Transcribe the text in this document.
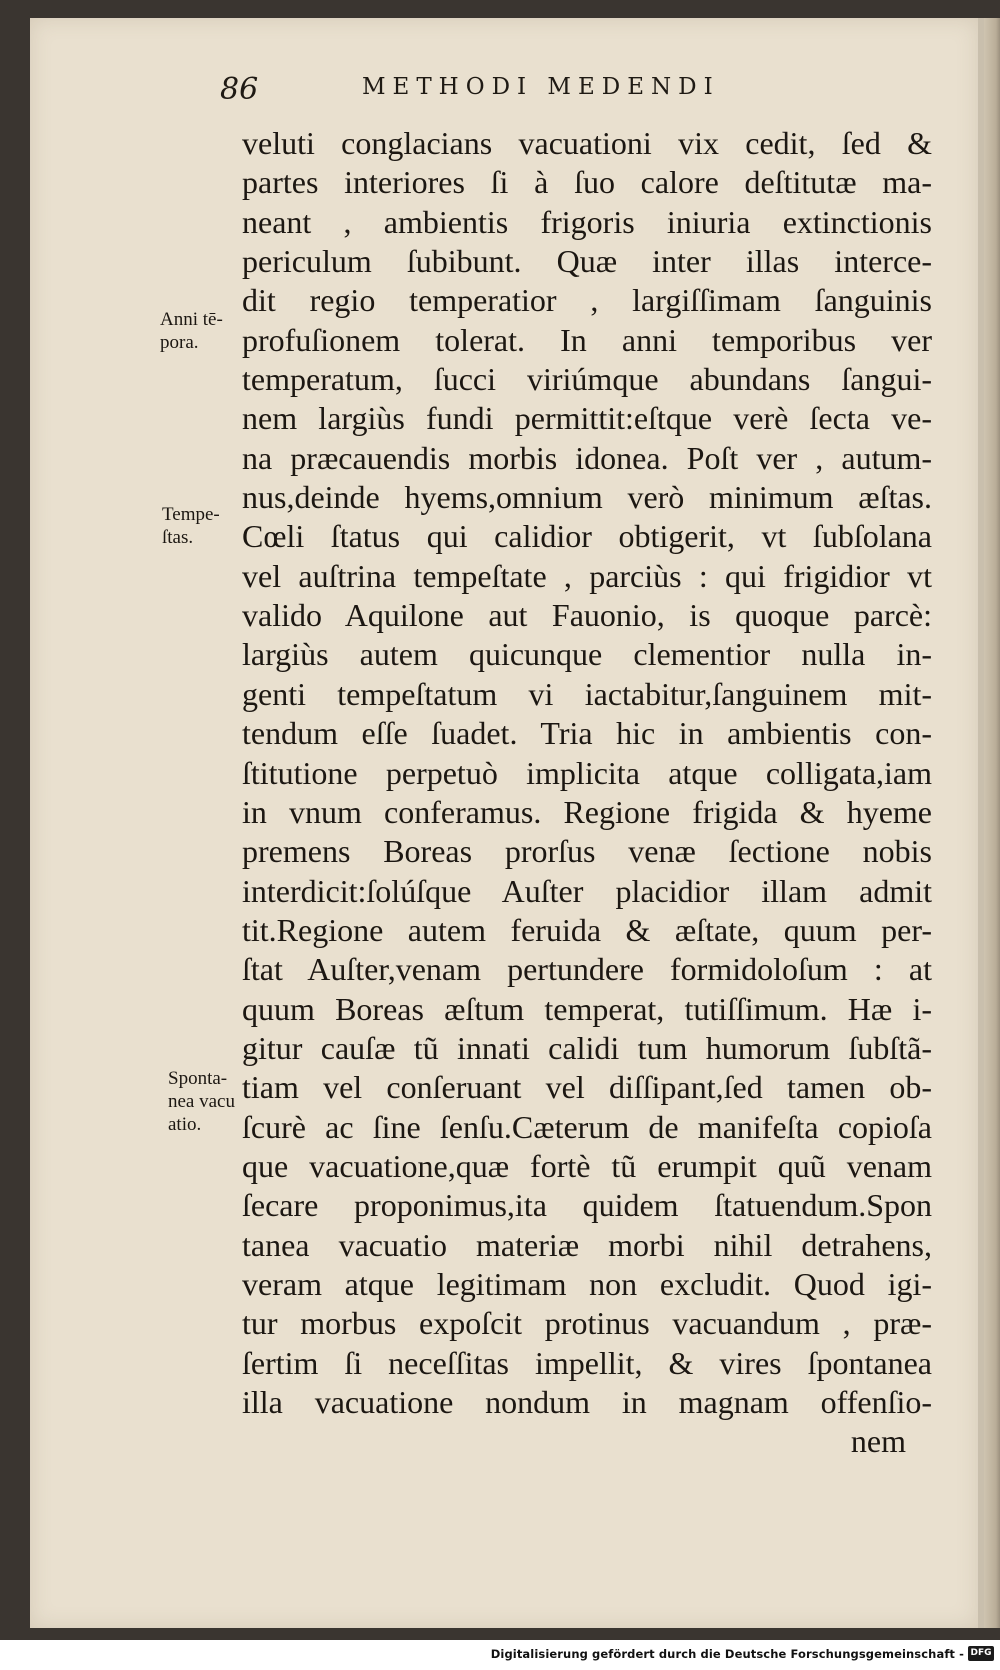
86	METHODI MEDENDI
veluti conglacians vacuationi vix cedit, ſed &
partes interiores ſi à ſuo calore deſtitutæ ma-
neant , ambientis frigoris iniuria extinctionis
periculum ſubibunt. Quæ inter illas interce-
dit regio temperatior , largiſſimam ſanguinis
profuſionem tolerat. In anni temporibus ver
temperatum, ſucci viriúmque abundans ſangui-
nem largiùs fundi permittit:eſtque verè ſecta ve-
na præcauendis morbis idonea. Poſt ver , autum-
nus,deinde hyems,omnium verò minimum æſtas.
Cœli ſtatus qui calidior obtigerit, vt ſubſolana
vel auſtrina tempeſtate , parciùs : qui frigidior vt
valido Aquilone aut Fauonio, is quoque parcè:
largiùs autem quicunque clementior nulla in-
genti tempeſtatum vi iactabitur,ſanguinem mit-
tendum eſſe ſuadet. Tria hic in ambientis con-
ſtitutione perpetuò implicita atque colligata,iam
in vnum conferamus. Regione frigida & hyeme
premens Boreas prorſus venæ ſectione nobis
interdicit:ſolúſque Auſter placidior illam admit
tit.Regione autem feruida & æſtate, quum per-
ſtat Auſter,venam pertundere formidoloſum : at
quum Boreas æſtum temperat, tutiſſimum. Hæ i-
gitur cauſæ tũ innati calidi tum humorum ſubſtã-
tiam vel conſeruant vel diſſipant,ſed tamen ob-
ſcurè ac ſine ſenſu.Cæterum de manifeſta copioſa
que vacuatione,quæ fortè tũ erumpit quũ venam
ſecare proponimus,ita quidem ſtatuendum.Spon
tanea vacuatio materiæ morbi nihil detrahens,
veram atque legitimam non excludit. Quod igi-
tur morbus expoſcit protinus vacuandum , præ-
ſertim ſi neceſſitas impellit, & vires ſpontanea
illa vacuatione nondum in magnam offenſio-
nem
Anni tē-
pora.
Tempe-
ſtas.
Sponta-
nea vacu
atio.
Digitalisierung gefördert durch die Deutsche Forschungsgemeinschaft - DFG
